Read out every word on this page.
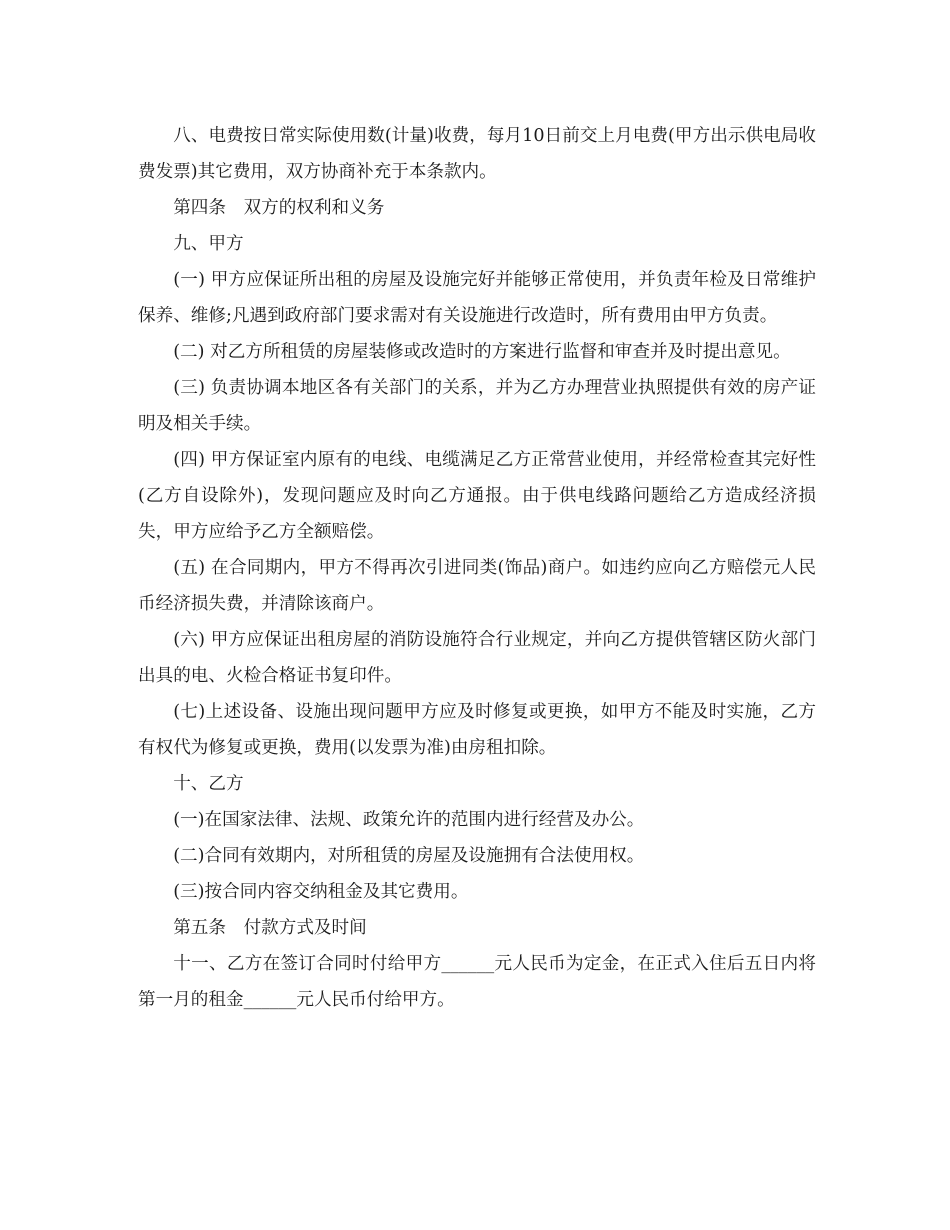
八、电费按日常实际使用数(计量)收费，每月10日前交上月电费(甲方出示供电局收费发票)其它费用，双方协商补充于本条款内。

第四条　双方的权利和义务

九、甲方

(一) 甲方应保证所出租的房屋及设施完好并能够正常使用，并负责年检及日常维护保养、维修;凡遇到政府部门要求需对有关设施进行改造时，所有费用由甲方负责。

(二) 对乙方所租赁的房屋装修或改造时的方案进行监督和审查并及时提出意见。

(三) 负责协调本地区各有关部门的关系，并为乙方办理营业执照提供有效的房产证明及相关手续。

(四) 甲方保证室内原有的电线、电缆满足乙方正常营业使用，并经常检查其完好性(乙方自设除外)，发现问题应及时向乙方通报。由于供电线路问题给乙方造成经济损失，甲方应给予乙方全额赔偿。

(五) 在合同期内，甲方不得再次引进同类(饰品)商户。如违约应向乙方赔偿元人民币经济损失费，并清除该商户。

(六) 甲方应保证出租房屋的消防设施符合行业规定，并向乙方提供管辖区防火部门出具的电、火检合格证书复印件。

(七)上述设备、设施出现问题甲方应及时修复或更换，如甲方不能及时实施，乙方有权代为修复或更换，费用(以发票为准)由房租扣除。

十、乙方

(一)在国家法律、法规、政策允许的范围内进行经营及办公。

(二)合同有效期内，对所租赁的房屋及设施拥有合法使用权。

(三)按合同内容交纳租金及其它费用。

第五条　付款方式及时间

十一、乙方在签订合同时付给甲方______元人民币为定金，在正式入住后五日内将第一月的租金______元人民币付给甲方。
